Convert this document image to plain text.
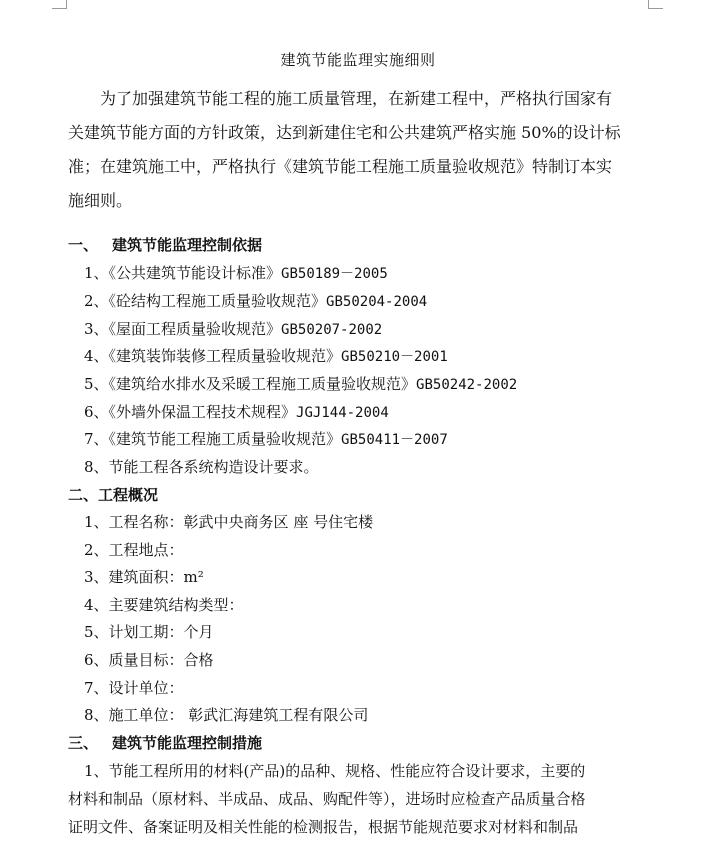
建筑节能监理实施细则
为了加强建筑节能工程的施工质量管理，在新建工程中，严格执行国家有
关建筑节能方面的方针政策，达到新建住宅和公共建筑严格实施 50%的设计标
准；在建筑施工中，严格执行《建筑节能工程施工质量验收规范》特制订本实
施细则。
一、 建筑节能监理控制依据
1、《公共建筑节能设计标准》GB50189－2005
2、《砼结构工程施工质量验收规范》GB50204-2004
3、《屋面工程质量验收规范》GB50207-2002
4、《建筑装饰装修工程质量验收规范》GB50210－2001
5、《建筑给水排水及采暖工程施工质量验收规范》GB50242-2002
6、《外墙外保温工程技术规程》JGJ144-2004
7、《建筑节能工程施工质量验收规范》GB50411－2007
8、节能工程各系统构造设计要求。
二、工程概况
1、工程名称：彰武中央商务区 座 号住宅楼
2、工程地点：
3、建筑面积：m²
4、主要建筑结构类型：
5、计划工期：个月
6、质量目标：合格
7、设计单位：
8、施工单位： 彰武汇海建筑工程有限公司
三、 建筑节能监理控制措施
1、节能工程所用的材料(产品)的品种、规格、性能应符合设计要求，主要的
材料和制品（原材料、半成品、成品、购配件等），进场时应检查产品质量合格
证明文件、备案证明及相关性能的检测报告，根据节能规范要求对材料和制品
